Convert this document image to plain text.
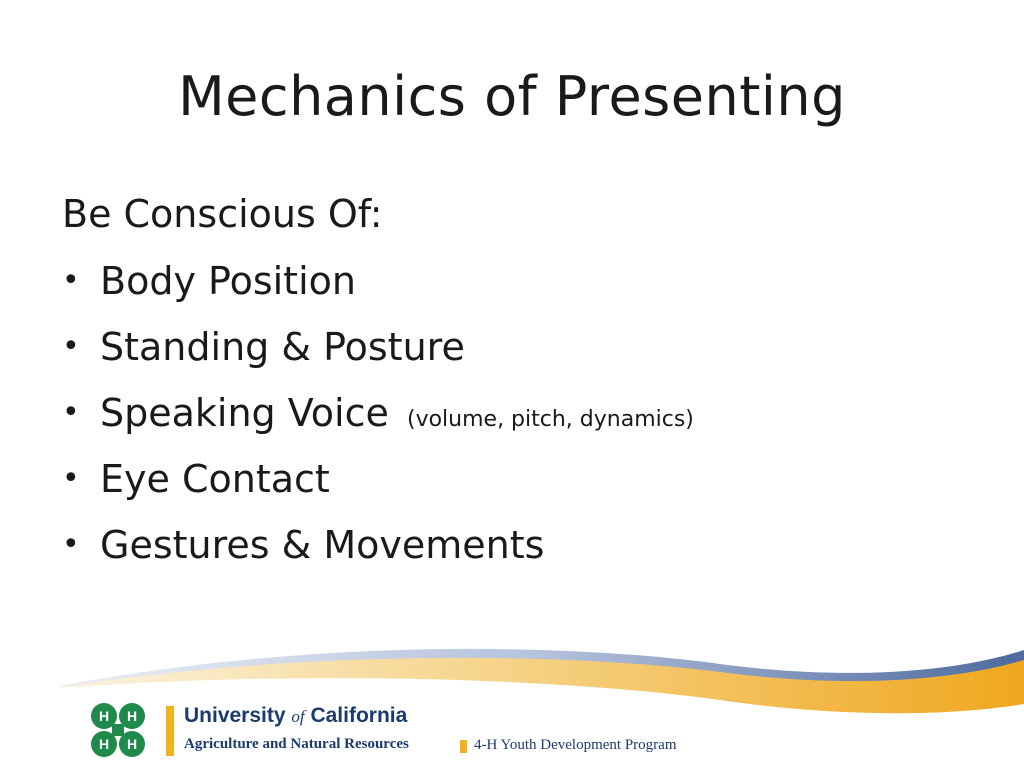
Mechanics of Presenting
Be Conscious Of:
• Body Position
• Standing & Posture
• Speaking Voice (volume, pitch, dynamics)
• Eye Contact
• Gestures & Movements
H H
H H
University of California
Agriculture and Natural Resources	4-H Youth Development Program
